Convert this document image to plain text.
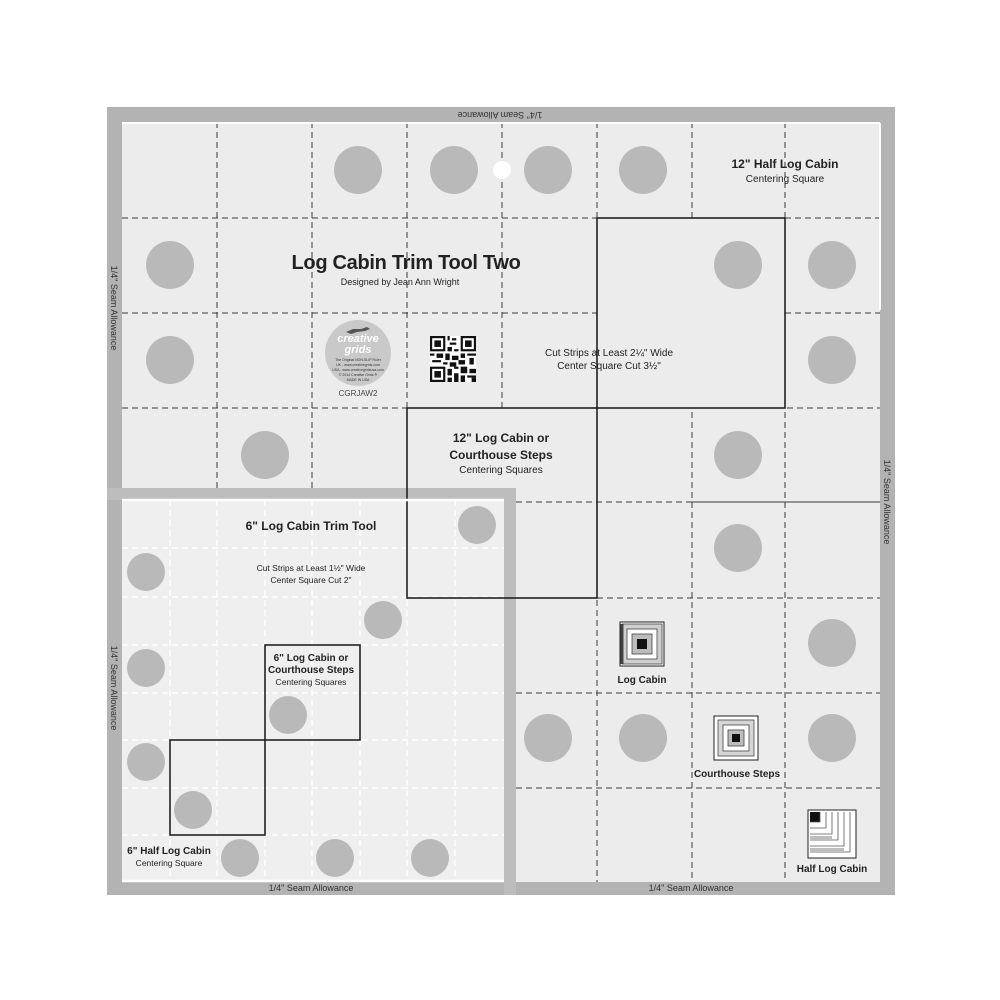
Log Cabin Trim Tool Two
Designed by Jean Ann Wright
creative
grids
The Original NON-SLIP Ruler
UK - www.creativegrids.com
USA - www.creativegridsusa.com
© 2014 Creative Grids ®
MADE IN USA
CGRJAW2
12" Half Log Cabin
Centering Square
Cut Strips at Least 2¼" Wide
Center Square Cut 3½"
12" Log Cabin or
Courthouse Steps
Centering Squares
6" Log Cabin Trim Tool
Cut Strips at Least 1½" Wide
Center Square Cut 2"
6" Log Cabin or
Courthouse Steps
Centering Squares
6" Half Log Cabin
Centering Square
Log Cabin
Courthouse Steps
Half Log Cabin
1/4" Seam Allowance
1/4" Seam Allowance
1/4" Seam Allowance
1/4" Seam Allowance
1/4" Seam Allowance	1/4" Seam Allowance
